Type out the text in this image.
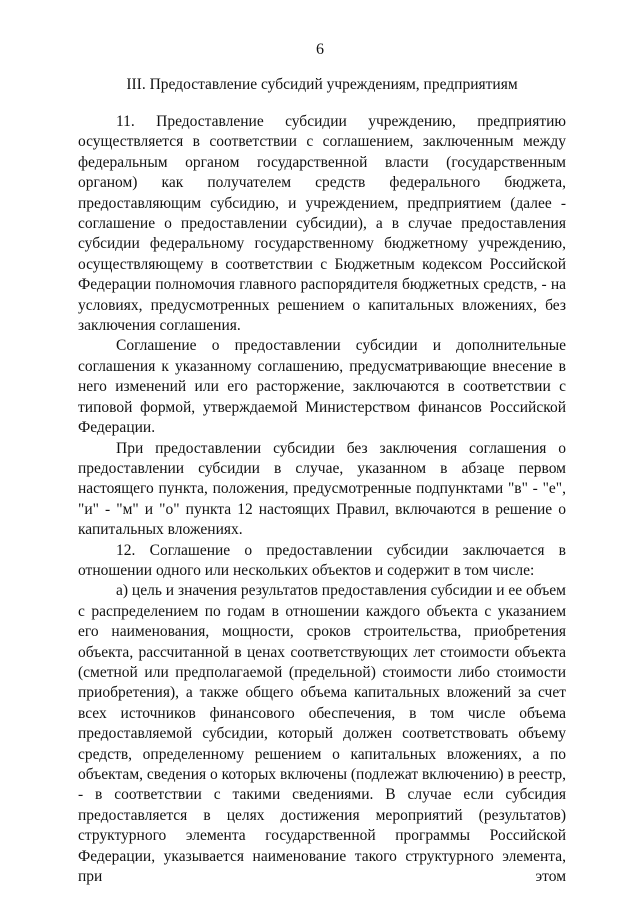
6
III. Предоставление субсидий учреждениям, предприятиям

11. Предоставление субсидии учреждению, предприятию осуществляется в соответствии с соглашением, заключенным между федеральным органом государственной власти (государственным органом) как получателем средств федерального бюджета, предоставляющим субсидию, и учреждением, предприятием (далее - соглашение о предоставлении субсидии), а в случае предоставления субсидии федеральному государственному бюджетному учреждению, осуществляющему в соответствии с Бюджетным кодексом Российской Федерации полномочия главного распорядителя бюджетных средств, - на условиях, предусмотренных решением о капитальных вложениях, без заключения соглашения.

Соглашение о предоставлении субсидии и дополнительные соглашения к указанному соглашению, предусматривающие внесение в него изменений или его расторжение, заключаются в соответствии с типовой формой, утверждаемой Министерством финансов Российской Федерации.

При предоставлении субсидии без заключения соглашения о предоставлении субсидии в случае, указанном в абзаце первом настоящего пункта, положения, предусмотренные подпунктами "в" - "е", "и" - "м" и "о" пункта 12 настоящих Правил, включаются в решение о капитальных вложениях.

12. Соглашение о предоставлении субсидии заключается в отношении одного или нескольких объектов и содержит в том числе:

а) цель и значения результатов предоставления субсидии и ее объем с распределением по годам в отношении каждого объекта с указанием его наименования, мощности, сроков строительства, приобретения объекта, рассчитанной в ценах соответствующих лет стоимости объекта (сметной или предполагаемой (предельной) стоимости либо стоимости приобретения), а также общего объема капитальных вложений за счет всех источников финансового обеспечения, в том числе объема предоставляемой субсидии, который должен соответствовать объему средств, определенному решением о капитальных вложениях, а по объектам, сведения о которых включены (подлежат включению) в реестр, - в соответствии с такими сведениями. В случае если субсидия предоставляется в целях достижения мероприятий (результатов) структурного элемента государственной программы Российской Федерации, указывается наименование такого структурного элемента, при этом
